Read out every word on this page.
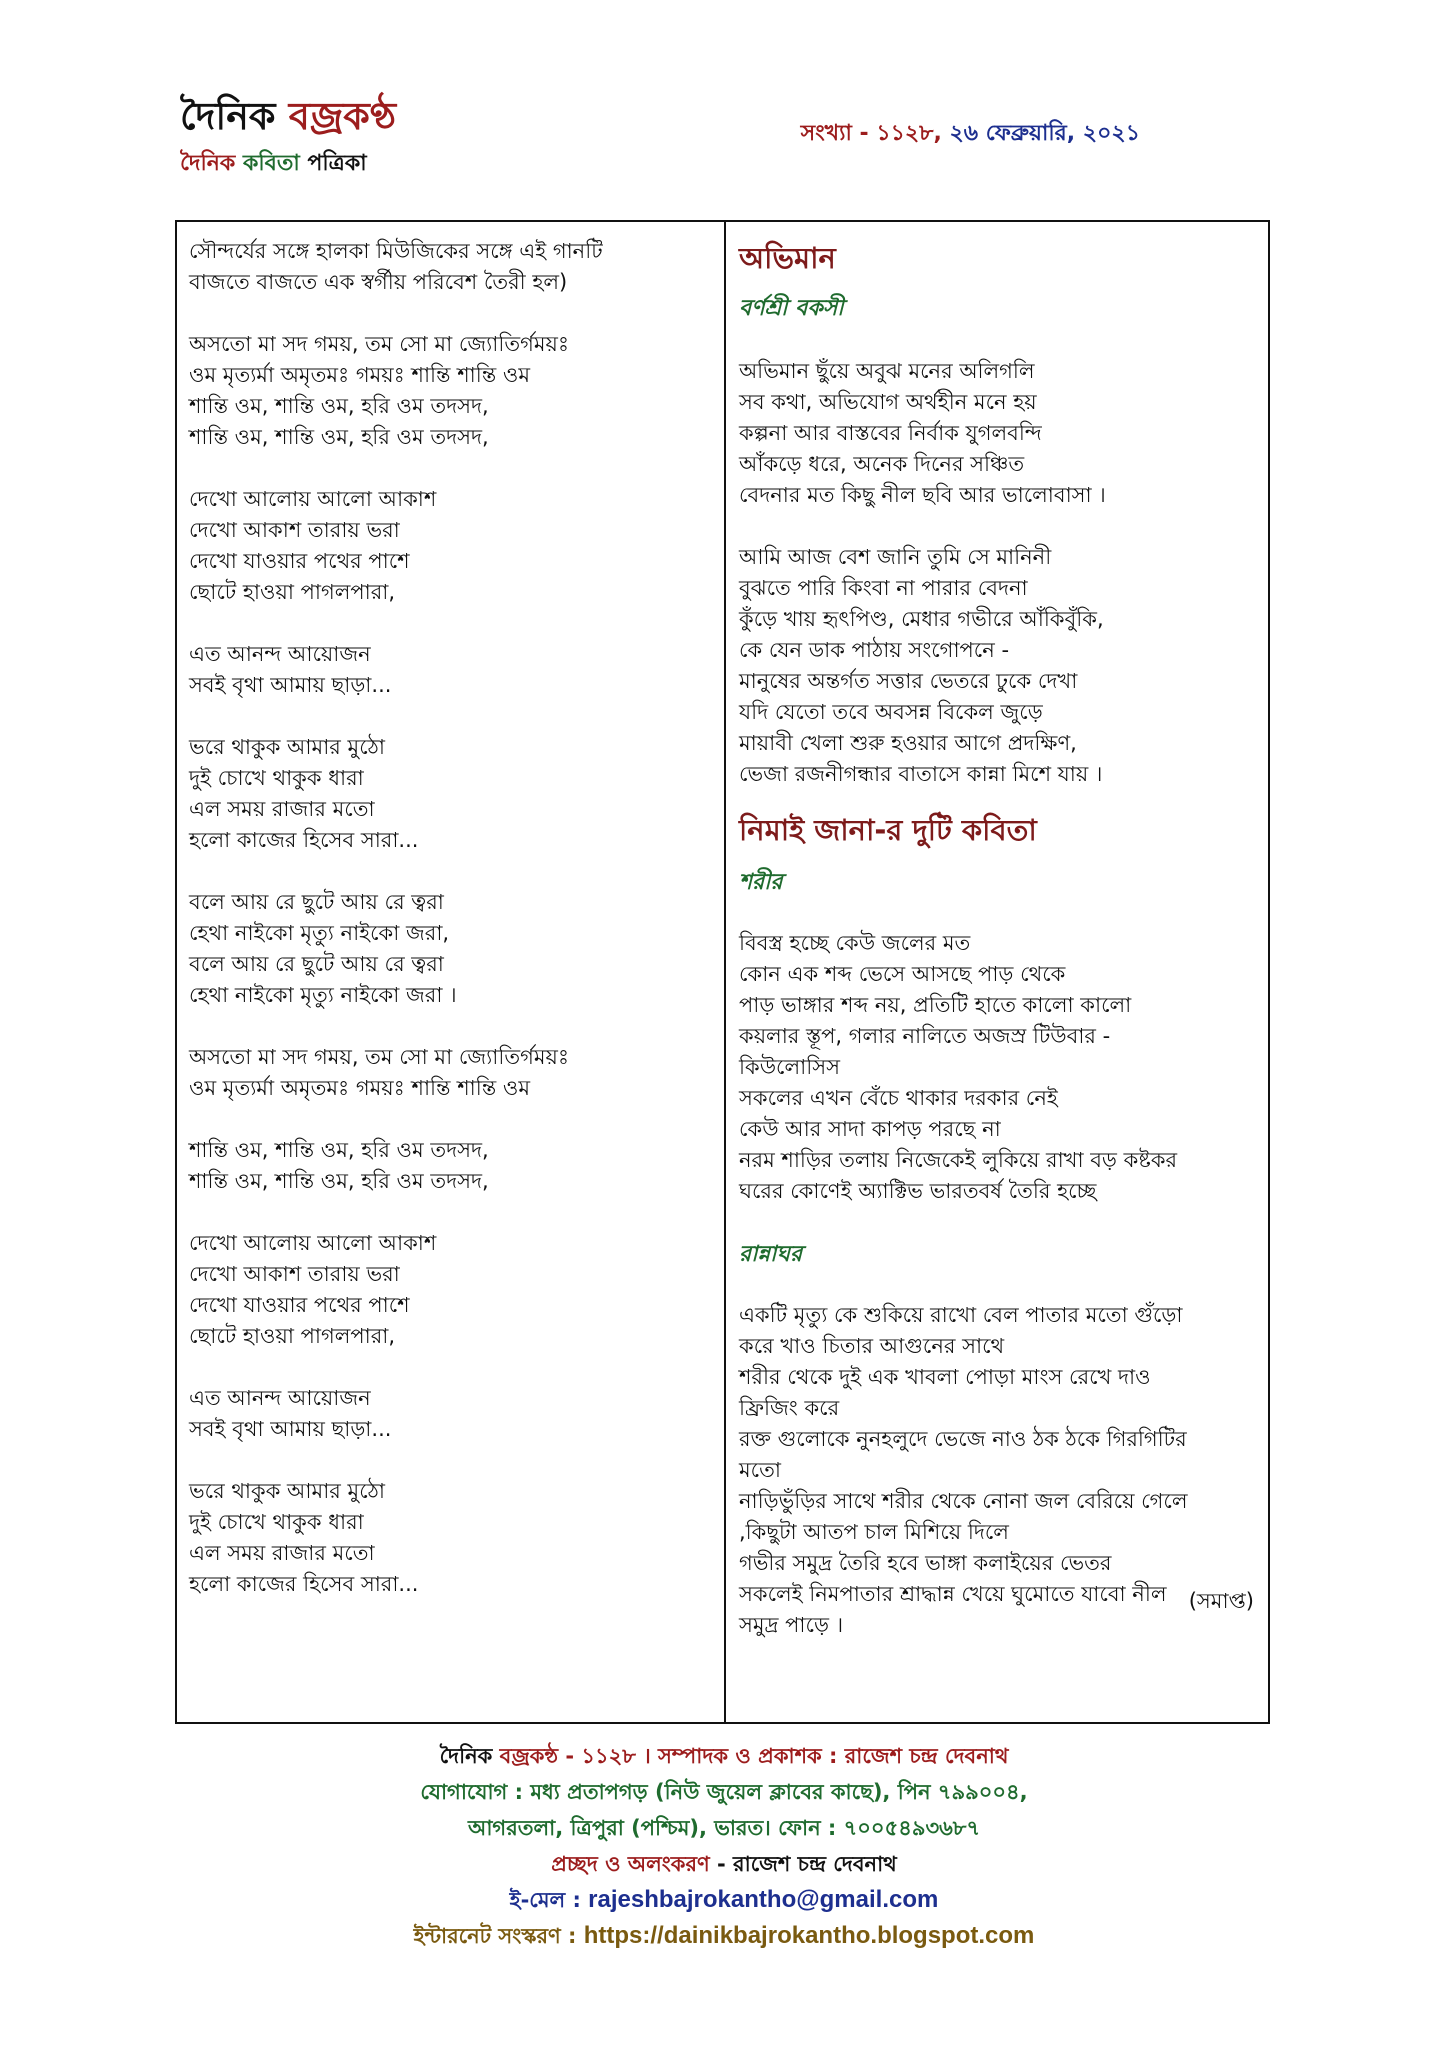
দৈনিক বজ্রকণ্ঠ
দৈনিক কবিতা পত্রিকা
সংখ্যা - ১১২৮, ২৬ ফেব্রুয়ারি, ২০২১
সৌন্দর্যের সঙ্গে হালকা মিউজিকের সঙ্গে এই গানটি
বাজতে বাজতে এক স্বর্গীয় পরিবেশ তৈরী হল)
অসতো মা সদ গময়, তম সো মা জ্যোতির্গময়ঃ
ওম মৃত্যর্মা অমৃতমঃ গময়ঃ শান্তি শান্তি ওম
শান্তি ওম, শান্তি ওম, হরি ওম তদসদ,
শান্তি ওম, শান্তি ওম, হরি ওম তদসদ,
দেখো আলোয় আলো আকাশ
দেখো আকাশ তারায় ভরা
দেখো যাওয়ার পথের পাশে
ছোটে হাওয়া পাগলপারা,
এত আনন্দ আয়োজন
সবই বৃথা আমায় ছাড়া...
ভরে থাকুক আমার মুঠো
দুই চোখে থাকুক ধারা
এল সময় রাজার মতো
হলো কাজের হিসেব সারা...
বলে আয় রে ছুটে আয় রে ত্বরা
হেথা নাইকো মৃত্যু নাইকো জরা,
বলে আয় রে ছুটে আয় রে ত্বরা
হেথা নাইকো মৃত্যু নাইকো জরা ।
অসতো মা সদ গময়, তম সো মা জ্যোতির্গময়ঃ
ওম মৃত্যর্মা অমৃতমঃ গময়ঃ শান্তি শান্তি ওম
শান্তি ওম, শান্তি ওম, হরি ওম তদসদ,
শান্তি ওম, শান্তি ওম, হরি ওম তদসদ,
দেখো আলোয় আলো আকাশ
দেখো আকাশ তারায় ভরা
দেখো যাওয়ার পথের পাশে
ছোটে হাওয়া পাগলপারা,
এত আনন্দ আয়োজন
সবই বৃথা আমায় ছাড়া...
ভরে থাকুক আমার মুঠো
দুই চোখে থাকুক ধারা
এল সময় রাজার মতো
হলো কাজের হিসেব সারা...
(সমাপ্ত)
অভিমান
বর্ণশ্রী বকসী
অভিমান ছুঁয়ে অবুঝ মনের অলিগলি
সব কথা, অভিযোগ অর্থহীন মনে হয়
কল্পনা আর বাস্তবের নির্বাক যুগলবন্দি
আঁকড়ে ধরে, অনেক দিনের সঞ্চিত
বেদনার মত কিছু নীল ছবি আর ভালোবাসা ।
আমি আজ বেশ জানি তুমি সে মানিনী
বুঝতে পারি কিংবা না পারার বেদনা
কুঁড়ে খায় হৃৎপিণ্ড, মেধার গভীরে আঁকিবুঁকি,
কে যেন ডাক পাঠায় সংগোপনে -
মানুষের অন্তর্গত সত্তার ভেতরে ঢুকে দেখা
যদি যেতো তবে অবসন্ন বিকেল জুড়ে
মায়াবী খেলা শুরু হওয়ার আগে প্রদক্ষিণ,
ভেজা রজনীগন্ধার বাতাসে কান্না মিশে যায় ।
নিমাই জানা-র দুটি কবিতা
শরীর
বিবস্ত্র হচ্ছে কেউ জলের মত
কোন এক শব্দ ভেসে আসছে পাড় থেকে
পাড় ভাঙ্গার শব্দ নয়, প্রতিটি হাতে কালো কালো
কয়লার স্তূপ, গলার নালিতে অজস্র টিউবার -
কিউলোসিস
সকলের এখন বেঁচে থাকার দরকার নেই
কেউ আর সাদা কাপড় পরছে না
নরম শাড়ির তলায় নিজেকেই লুকিয়ে রাখা বড় কষ্টকর
ঘরের কোণেই অ্যাক্টিভ ভারতবর্ষ তৈরি হচ্ছে
রান্নাঘর
একটি মৃত্যু কে শুকিয়ে রাখো বেল পাতার মতো গুঁড়ো
করে খাও চিতার আগুনের সাথে
শরীর থেকে দুই এক খাবলা পোড়া মাংস রেখে দাও
ফ্রিজিং করে
রক্ত গুলোকে নুনহলুদে ভেজে নাও ঠক ঠকে গিরগিটির
মতো
নাড়িভুঁড়ির সাথে শরীর থেকে নোনা জল বেরিয়ে গেলে
,কিছুটা আতপ চাল মিশিয়ে দিলে
গভীর সমুদ্র তৈরি হবে ভাঙ্গা কলাইয়ের ভেতর
সকলেই নিমপাতার শ্রাদ্ধান্ন খেয়ে ঘুমোতে যাবো নীল
সমুদ্র পাড়ে ।
দৈনিক বজ্রকন্ঠ - ১১২৮ । সম্পাদক ও প্রকাশক : রাজেশ চন্দ্র দেবনাথ
যোগাযোগ : মধ্য প্রতাপগড় (নিউ জুয়েল ক্লাবের কাছে), পিন ৭৯৯০০৪,
আগরতলা, ত্রিপুরা (পশ্চিম), ভারত। ফোন : ৭০০৫৪৯৩৬৮৭
প্রচ্ছদ ও অলংকরণ - রাজেশ চন্দ্র দেবনাথ
ই-মেল : rajeshbajrokantho@gmail.com
ইন্টারনেট সংস্করণ : https://dainikbajrokantho.blogspot.com
